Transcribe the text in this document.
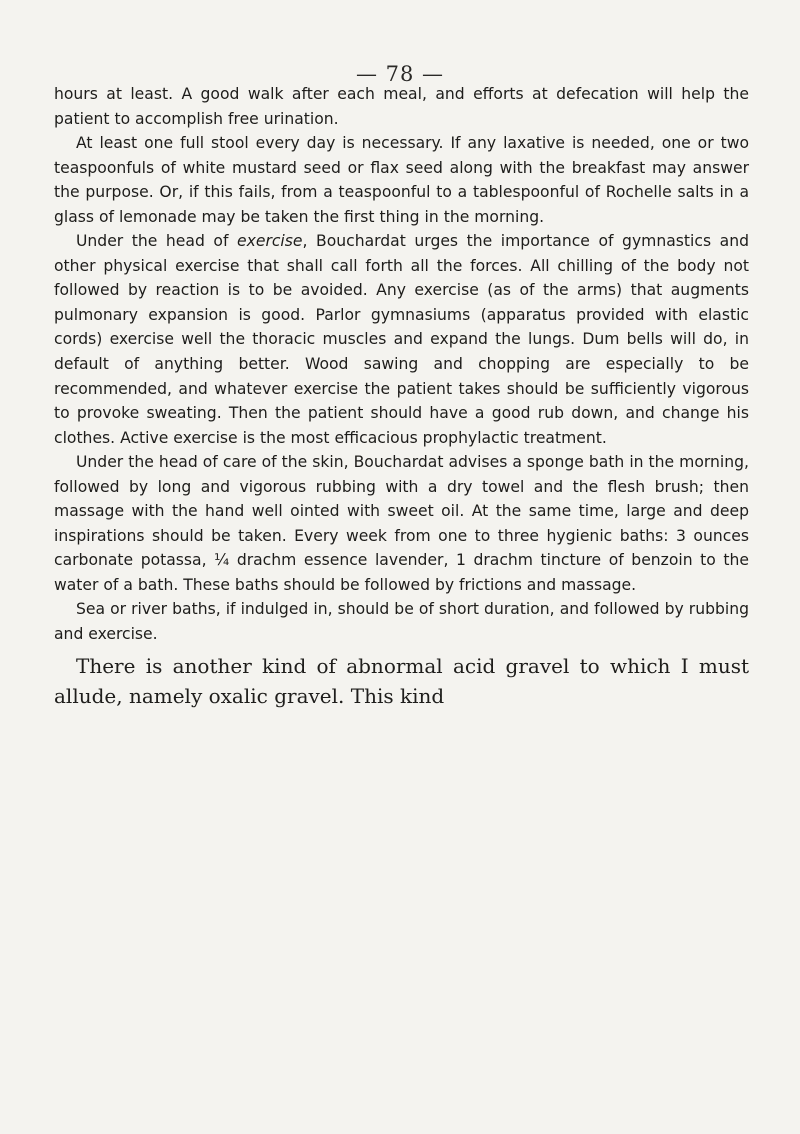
— 78 —

hours at least. A good walk after each meal, and efforts at defecation will help the patient to accomplish free urination.

At least one full stool every day is necessary. If any laxative is needed, one or two teaspoonfuls of white mustard seed or flax seed along with the breakfast may answer the purpose. Or, if this fails, from a teaspoonful to a tablespoonful of Rochelle salts in a glass of lemonade may be taken the first thing in the morning.

Under the head of exercise, Bouchardat urges the importance of gymnastics and other physical exercise that shall call forth all the forces. All chilling of the body not followed by reaction is to be avoided. Any exercise (as of the arms) that augments pulmonary expansion is good. Parlor gymnasiums (apparatus provided with elastic cords) exercise well the thoracic muscles and expand the lungs. Dum bells will do, in default of anything better. Wood sawing and chopping are especially to be recommended, and whatever exercise the patient takes should be sufficiently vigorous to provoke sweating. Then the patient should have a good rub down, and change his clothes. Active exercise is the most efficacious prophylactic treatment.

Under the head of care of the skin, Bouchardat advises a sponge bath in the morning, followed by long and vigorous rubbing with a dry towel and the flesh brush; then massage with the hand well ointed with sweet oil. At the same time, large and deep inspirations should be taken. Every week from one to three hygienic baths: 3 ounces carbonate potassa, ¼ drachm essence lavender, 1 drachm tincture of benzoin to the water of a bath. These baths should be followed by frictions and massage.

Sea or river baths, if indulged in, should be of short duration, and followed by rubbing and exercise.

There is another kind of abnormal acid gravel to which I must allude, namely oxalic gravel. This kind
